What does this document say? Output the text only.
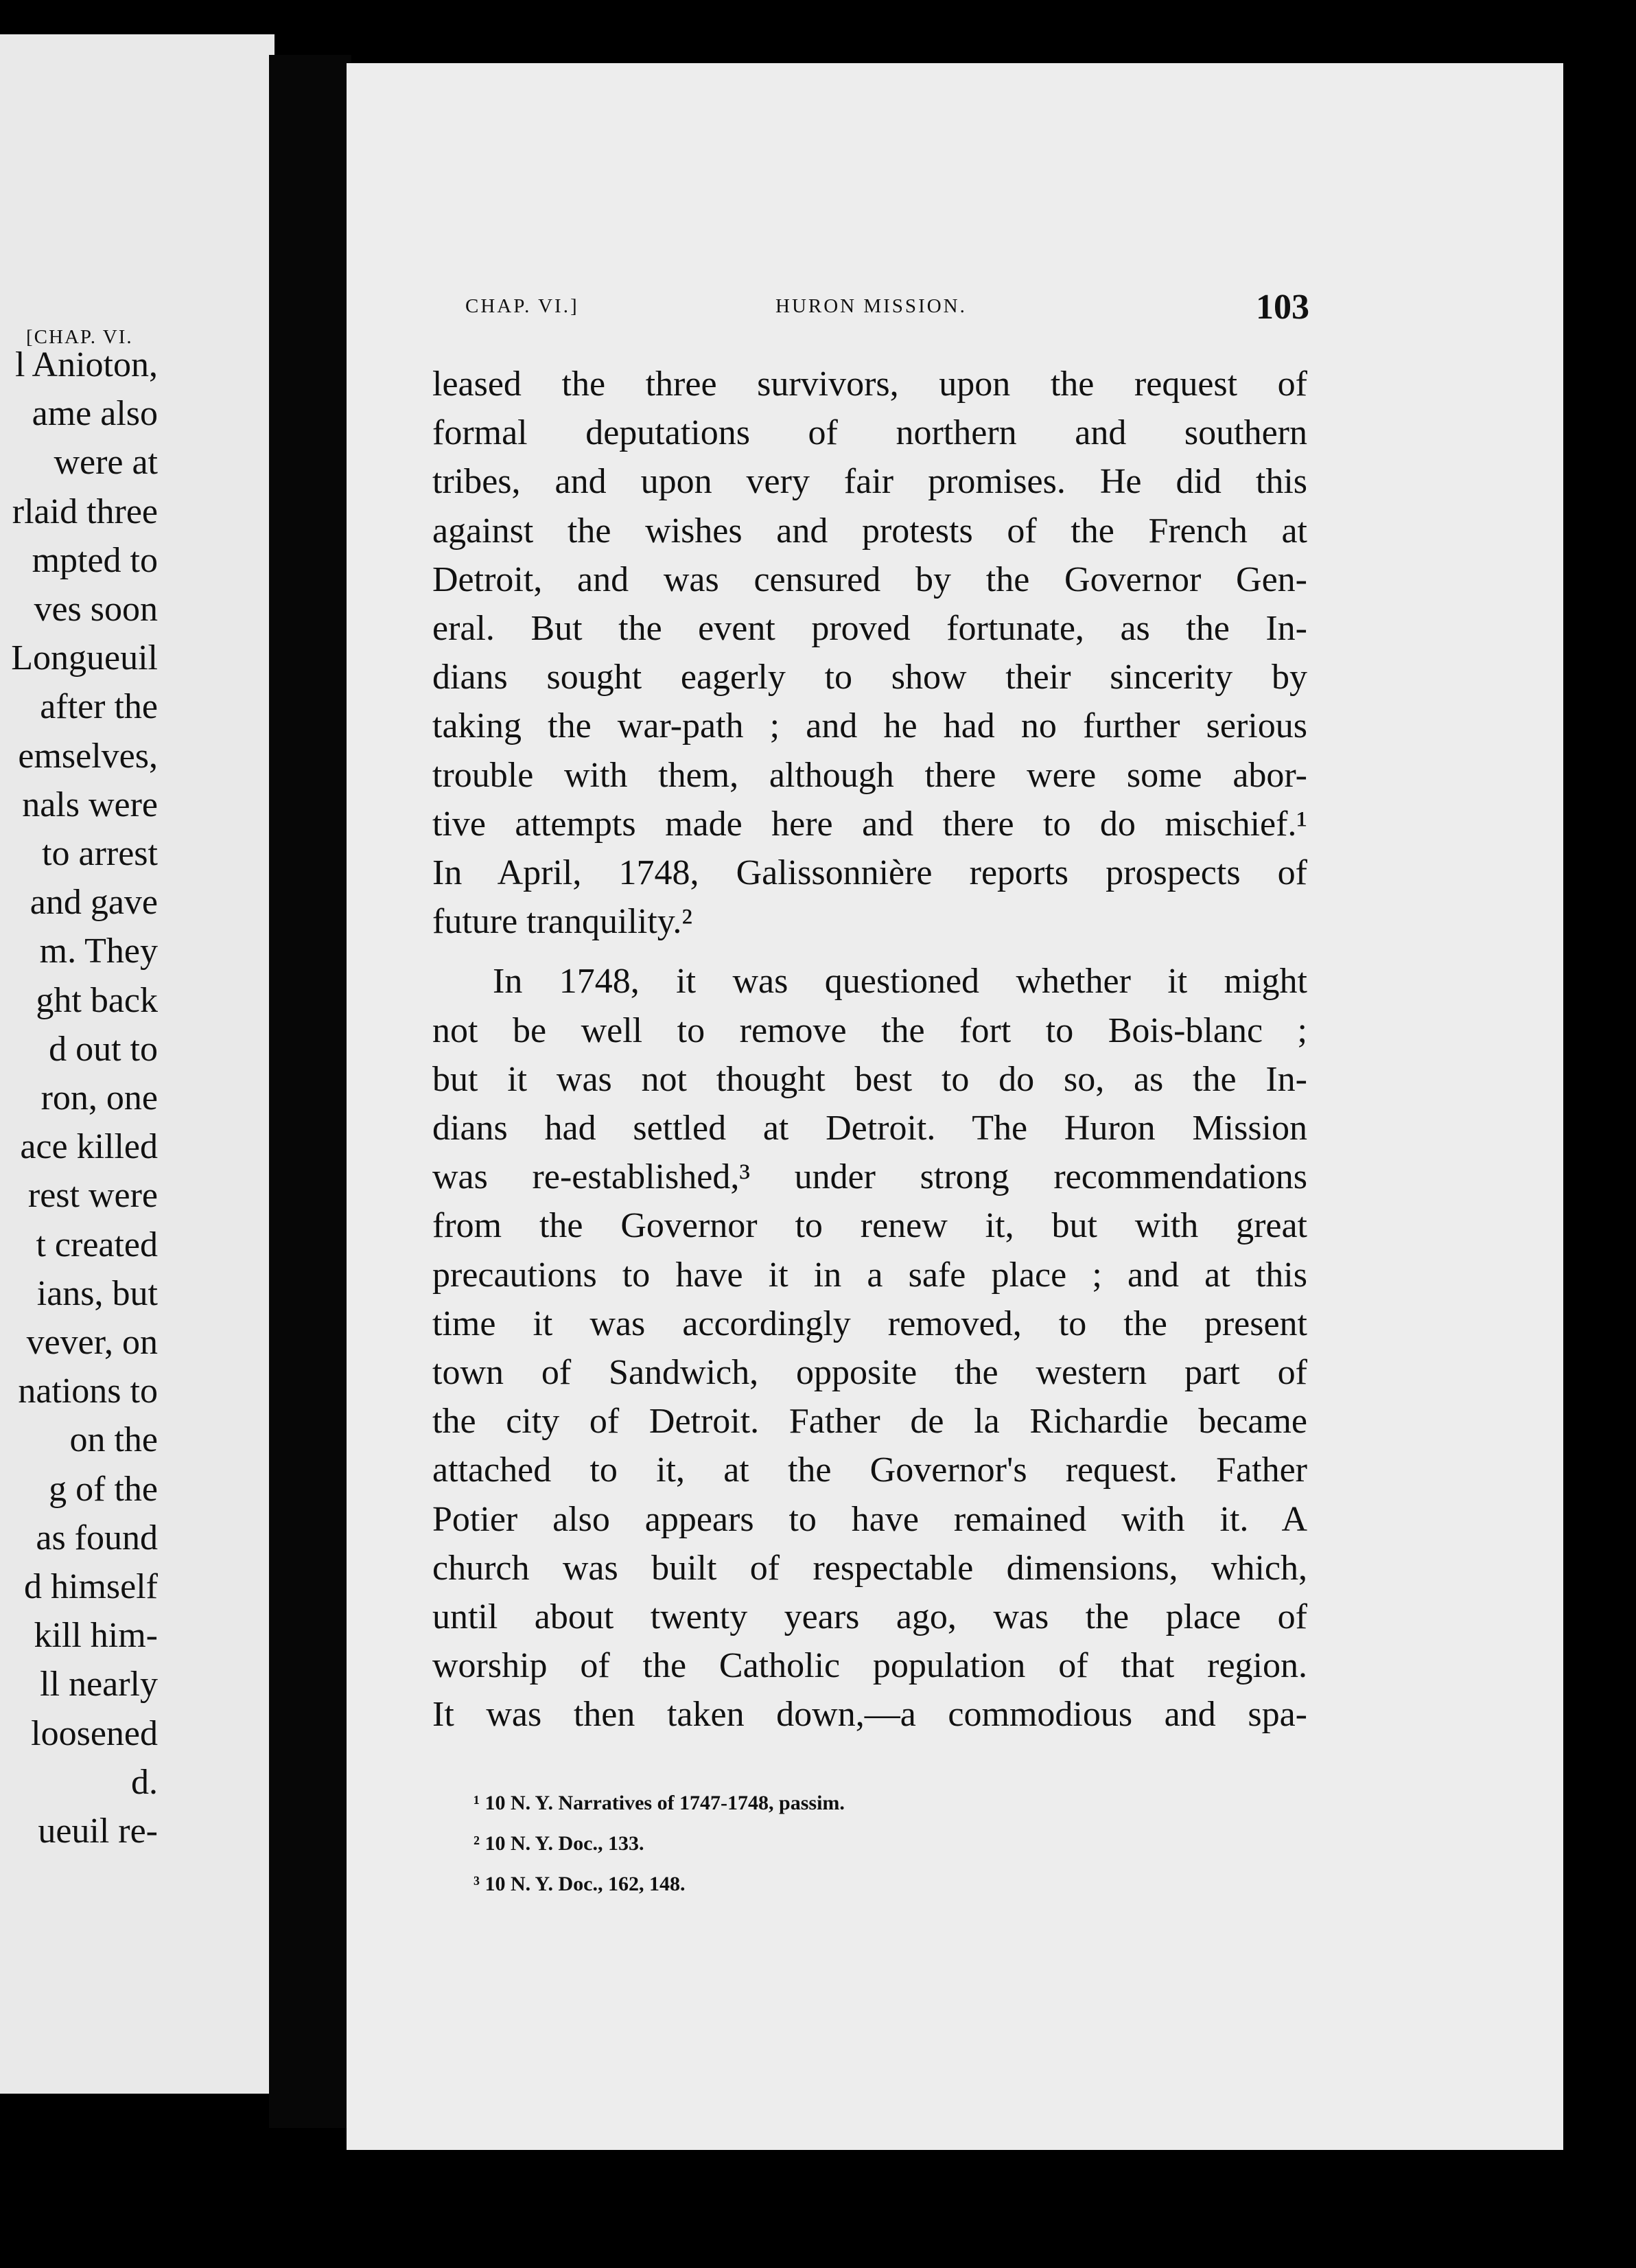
[CHAP. VI.
l Anioton,
ame also
were at
rlaid three
mpted to
ves soon
Longueuil
after the
emselves,
nals were
to arrest
and gave
m. They
ght back
d out to
ron, one
ace killed
rest were
t created
ians, but
vever, on
nations to
on the
g of the
as found
d himself
kill him-
ll nearly
loosened
d.
ueuil re-
CHAP. VI.]	HURON MISSION.	103
leased the three survivors, upon the request of
formal deputations of northern and southern
tribes, and upon very fair promises. He did this
against the wishes and protests of the French at
Detroit, and was censured by the Governor Gen-
eral. But the event proved fortunate, as the In-
dians sought eagerly to show their sincerity by
taking the war-path ; and he had no further serious
trouble with them, although there were some abor-
tive attempts made here and there to do mischief.¹
In April, 1748, Galissonnière reports prospects of
future tranquility.²
In 1748, it was questioned whether it might
not be well to remove the fort to Bois-blanc ;
but it was not thought best to do so, as the In-
dians had settled at Detroit. The Huron Mission
was re-established,³ under strong recommendations
from the Governor to renew it, but with great
precautions to have it in a safe place ; and at this
time it was accordingly removed, to the present
town of Sandwich, opposite the western part of
the city of Detroit. Father de la Richardie became
attached to it, at the Governor's request. Father
Potier also appears to have remained with it. A
church was built of respectable dimensions, which,
until about twenty years ago, was the place of
worship of the Catholic population of that region.
It was then taken down,—a commodious and spa-
¹ 10 N. Y. Narratives of 1747-1748, passim.
² 10 N. Y. Doc., 133.
³ 10 N. Y. Doc., 162, 148.
